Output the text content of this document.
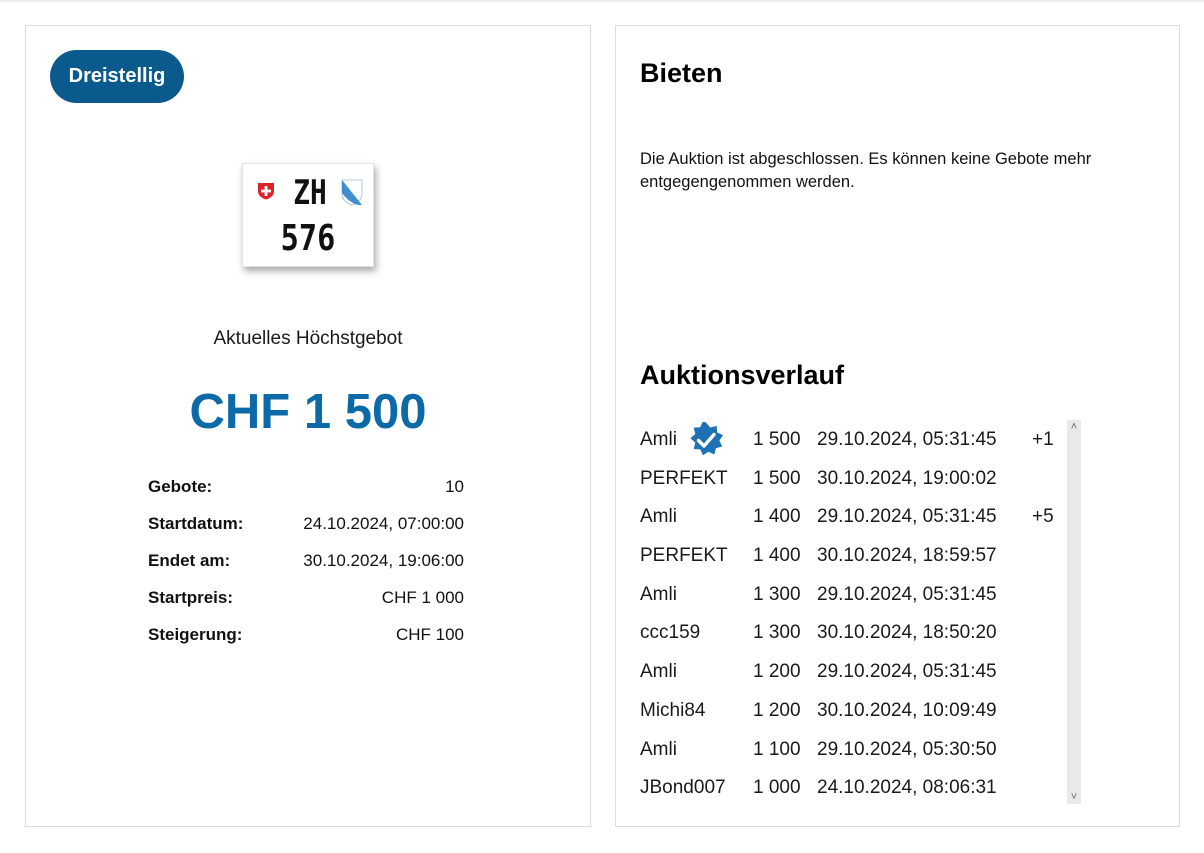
Dreistellig
ZH
576
Aktuelles Höchstgebot
CHF 1 500
Gebote:	10
Startdatum:	24.10.2024, 07:00:00
Endet am:	30.10.2024, 19:06:00
Startpreis:	CHF 1 000
Steigerung:	CHF 100
Bieten
Die Auktion ist abgeschlossen. Es können keine Gebote mehr entgegengenommen werden.
Auktionsverlauf
Amli	1 500 29.10.2024, 05:31:45 +1
PERFEKT 1 500 30.10.2024, 19:00:02
Amli	1 400 29.10.2024, 05:31:45 +5
PERFEKT 1 400 30.10.2024, 18:59:57
Amli	1 300 29.10.2024, 05:31:45
ccc159	1 300 30.10.2024, 18:50:20
Amli	1 200 29.10.2024, 05:31:45
Michi84	1 200 30.10.2024, 10:09:49
Amli	1 100 29.10.2024, 05:30:50
JBond007 1 000 24.10.2024, 08:06:31
˄
˅
